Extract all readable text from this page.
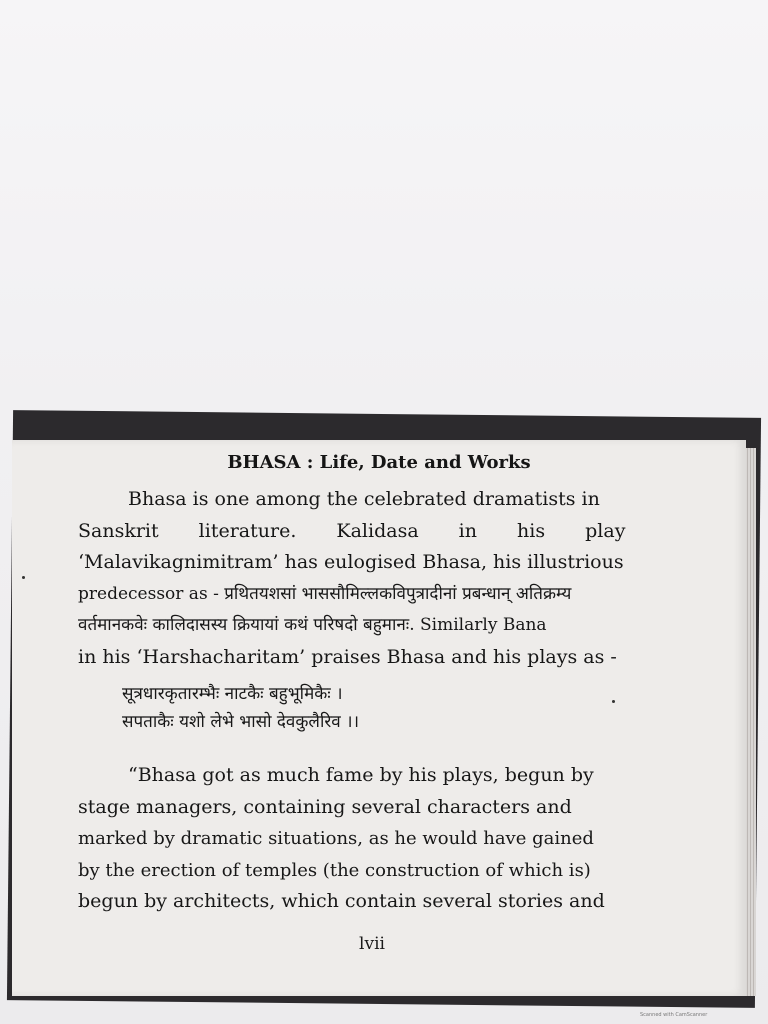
BHASA : Life, Date and Works
Bhasa is one among the celebrated dramatists in
Sanskrit literature. Kalidasa in his play
‘Malavikagnimitram’ has eulogised Bhasa, his illustrious
predecessor as - प्रथितयशसां भाससौमिल्लकविपुत्रादीनां प्रबन्धान् अतिक्रम्य
वर्तमानकवेः कालिदासस्य क्रियायां कथं परिषदो बहुमानः. Similarly Bana
in his ‘Harshacharitam’ praises Bhasa and his plays as -
सूत्रधारकृतारम्भैः नाटकैः बहुभूमिकैः ।
सपताकैः यशो लेभे भासो देवकुलैरिव ।।
“Bhasa got as much fame by his plays, begun by
stage managers, containing several characters and
marked by dramatic situations, as he would have gained
by the erection of temples (the construction of which is)
begun by architects, which contain several stories and
lvii
Scanned with CamScanner
